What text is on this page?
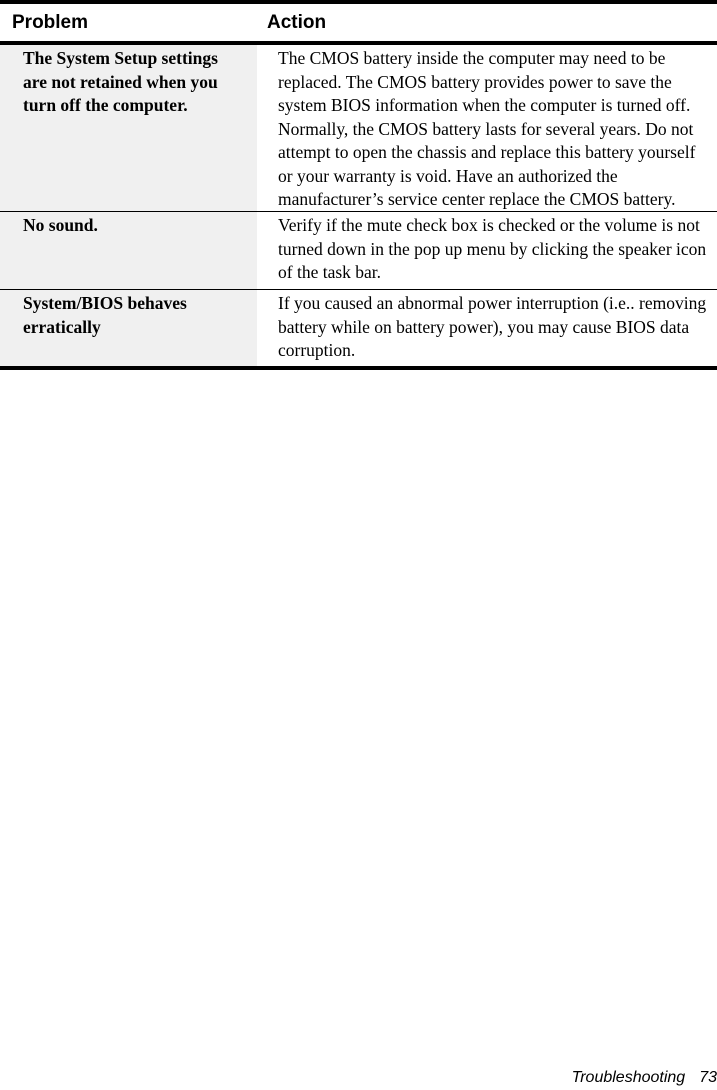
Problem	Action
The System Setup settings are not retained when you turn off the computer.
The CMOS battery inside the computer may need to be replaced. The CMOS battery provides power to save the system BIOS information when the computer is turned off. Normally, the CMOS battery lasts for several years. Do not attempt to open the chassis and replace this battery yourself or your warranty is void. Have an authorized the manufacturer’s service center replace the CMOS battery.
No sound.	Verify if the mute check box is checked or the volume is not turned down in the pop up menu by clicking the speaker icon of the task bar.
System/BIOS behaves erratically
If you caused an abnormal power interruption (i.e.. removing battery while on battery power), you may cause BIOS data corruption.
Troubleshooting 73
